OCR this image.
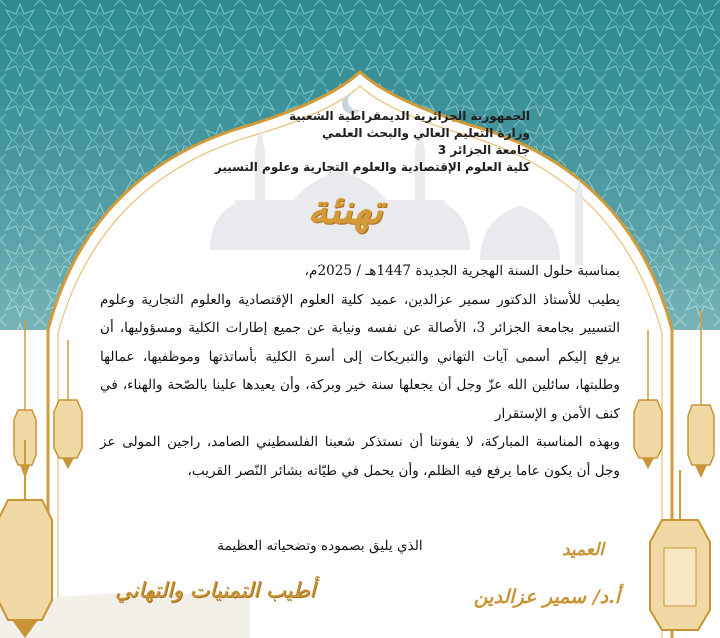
الجمهورية الجزائرية الديمقراطية الشعبية
وزارة التعليم العالي والبحث العلمي
جامعة الجزائر 3
كلية العلوم الإقتصادية والعلوم التجارية وعلوم التسيير
تهنئة

بمناسبة حلول السنة الهجرية الجديدة 1447هـ / 2025م،

يطيب للأستاذ الدكتور سمير عزالدين، عميد كلية العلوم الإقتصادية والعلوم التجارية وعلوم التسيير بجامعة الجزائر 3، الأصالة عن نفسه ونيابة عن جميع إطارات الكلية ومسؤوليها، أن يرفع إليكم أسمى آيات التهاني والتبريكات إلى أسرة الكلية بأساتذتها وموظفيها، عمالها وطلبتها، سائلين الله عزّ وجل أن يجعلها سنة خير وبركة، وأن يعيدها علينا بالصّحة والهناء، في كنف الأمن و الإستقرار

وبهذه المناسبة المباركة، لا يفوتنا أن نستذكر شعبنا الفلسطيني الصامد، راجين المولى عز وجل أن يكون عاما يرفع فيه الظلم، وأن يحمل في طيّاته بشائر النّصر القريب،

الذي يليق بصموده وتضحياته العظيمة	العميد
أ.د/ سمير عزالدين
أطيب التمنيات والتهاني
